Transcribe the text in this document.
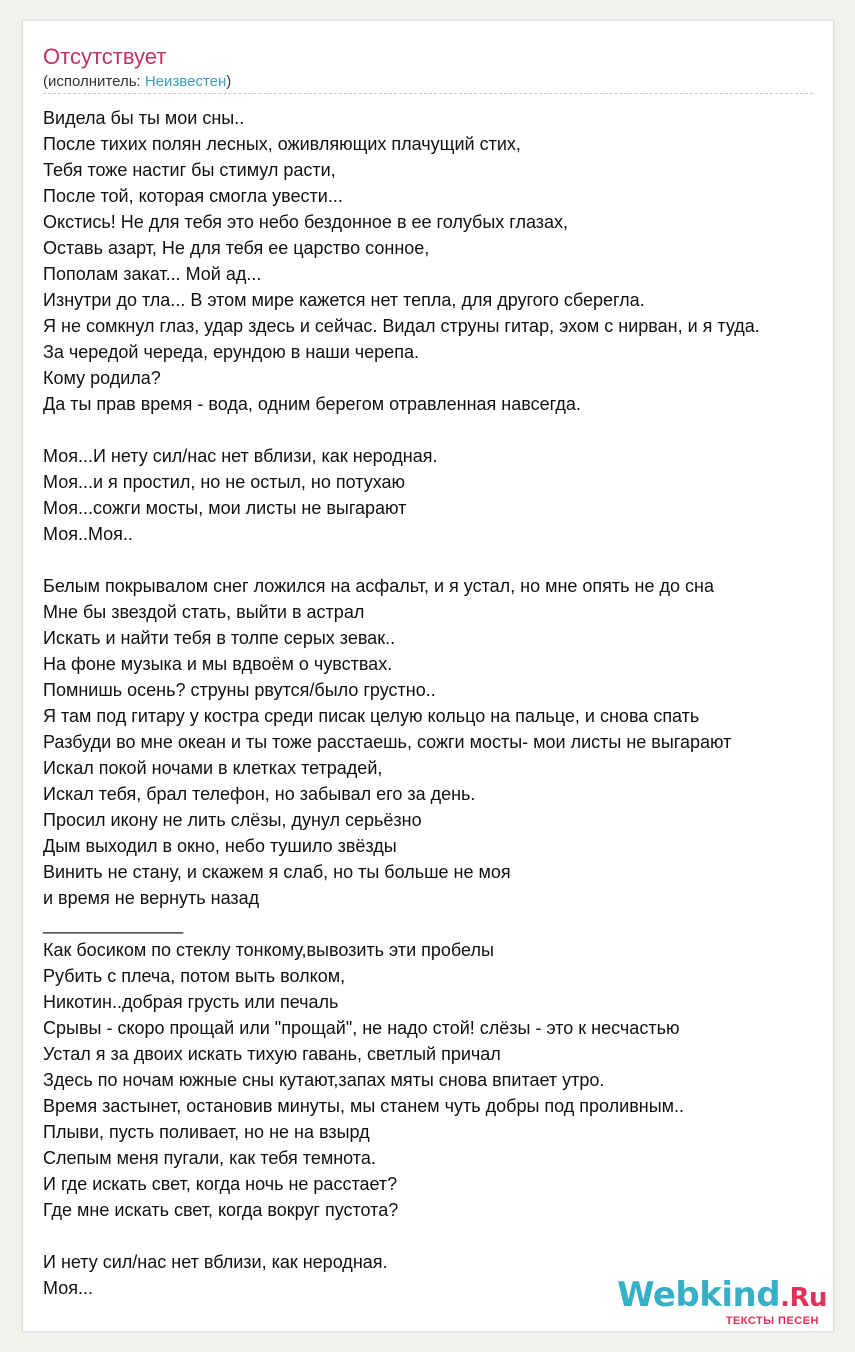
Отсутствует
(исполнитель: Неизвестен)
Видела бы ты мои сны..
После тихих полян лесных, оживляющих плачущий стих,
Тебя тоже настиг бы стимул расти,
После той, которая смогла увести...
Окстись! Не для тебя это небо бездонное в ее голубых глазах,
Оставь азарт, Не для тебя ее царство сонное,
Пополам закат... Мой ад...
Изнутри до тла... В этом мире кажется нет тепла, для другого сберегла.
Я не сомкнул глаз, удар здесь и сейчас. Видал струны гитар, эхом с нирван, и я туда.
За чередой череда, ерундою в наши черепа.
Кому родила?
Да ты прав время - вода, одним берегом отравленная навсегда.
Моя...И нету сил/нас нет вблизи, как неродная.
Моя...и я простил, но не остыл, но потухаю
Моя...сожги мосты, мои листы не выгарают
Моя..Моя..
Белым покрывалом снег ложился на асфальт, и я устал, но мне опять не до сна
Мне бы звездой стать, выйти в астрал
Искать и найти тебя в толпе серых зевак..
На фоне музыка и мы вдвоём о чувствах.
Помнишь осень? струны рвутся/было грустно..
Я там под гитару у костра среди писак целую кольцо на пальце, и снова спать
Разбуди во мне океан и ты тоже расстаешь, сожги мосты- мои листы не выгарают
Искал покой ночами в клетках тетрадей,
Искал тебя, брал телефон, но забывал его за день.
Просил икону не лить слёзы, дунул серьёзно
Дым выходил в окно, небо тушило звёзды
Винить не стану, и скажем я слаб, но ты больше не моя
и время не вернуть назад
______________
Как босиком по стеклу тонкому,вывозить эти пробелы
Рубить с плеча, потом выть волком,
Никотин..добрая грусть или печаль
Срывы - скоро прощай или "прощай", не надо стой! слёзы - это к несчастью
Устал я за двоих искать тихую гавань, светлый причал
Здесь по ночам южные сны кутают,запах мяты снова впитает утро.
Время застынет, остановив минуты, мы станем чуть добры под проливным..
Плыви, пусть поливает, но не на взырд
Слепым меня пугали, как тебя темнота.
И где искать свет, когда ночь не расстает?
Где мне искать свет, когда вокруг пустота?
И нету сил/нас нет вблизи, как неродная.
Моя...	Webkind.Ru
ТЕКСТЫ ПЕСЕН
